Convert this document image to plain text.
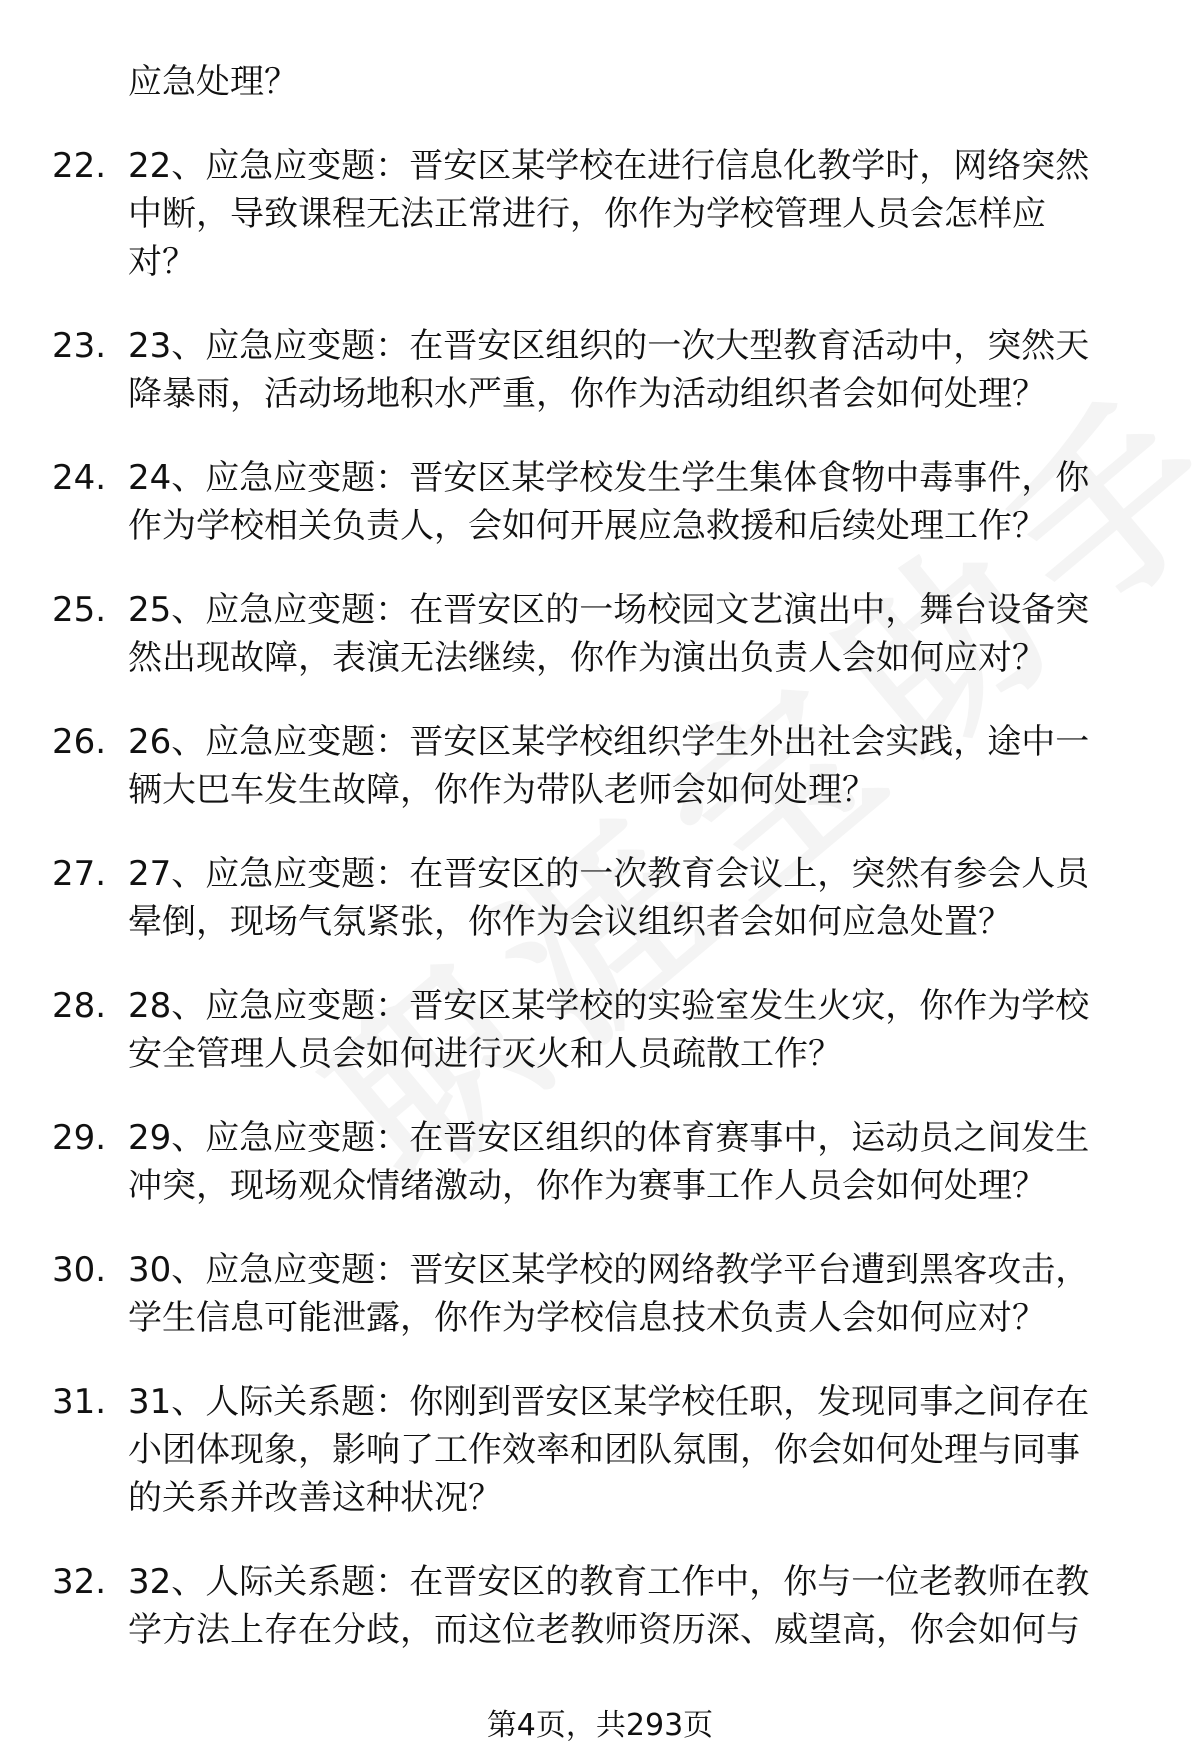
应急处理？
22. 22、应急应变题：晋安区某学校在进行信息化教学时，网络突然
中断，导致课程无法正常进行，你作为学校管理人员会怎样应
对？
23. 23、应急应变题：在晋安区组织的一次大型教育活动中，突然天
降暴雨，活动场地积水严重，你作为活动组织者会如何处理？
24. 24、应急应变题：晋安区某学校发生学生集体食物中毒事件，你
作为学校相关负责人，会如何开展应急救援和后续处理工作？
25. 25、应急应变题：在晋安区的一场校园文艺演出中，舞台设备突
然出现故障，表演无法继续，你作为演出负责人会如何应对？
26. 26、应急应变题：晋安区某学校组织学生外出社会实践，途中一
辆大巴车发生故障，你作为带队老师会如何处理？
27. 27、应急应变题：在晋安区的一次教育会议上，突然有参会人员
晕倒，现场气氛紧张，你作为会议组织者会如何应急处置？
28. 28、应急应变题：晋安区某学校的实验室发生火灾，你作为学校
安全管理人员会如何进行灭火和人员疏散工作？
29. 29、应急应变题：在晋安区组织的体育赛事中，运动员之间发生
冲突，现场观众情绪激动，你作为赛事工作人员会如何处理？
30. 30、应急应变题：晋安区某学校的网络教学平台遭到黑客攻击，
学生信息可能泄露，你作为学校信息技术负责人会如何应对？
31. 31、人际关系题：你刚到晋安区某学校任职，发现同事之间存在
小团体现象，影响了工作效率和团队氛围，你会如何处理与同事
的关系并改善这种状况？
32. 32、人际关系题：在晋安区的教育工作中，你与一位老教师在教
学方法上存在分歧，而这位老教师资历深、威望高，你会如何与
第4页，共293页
